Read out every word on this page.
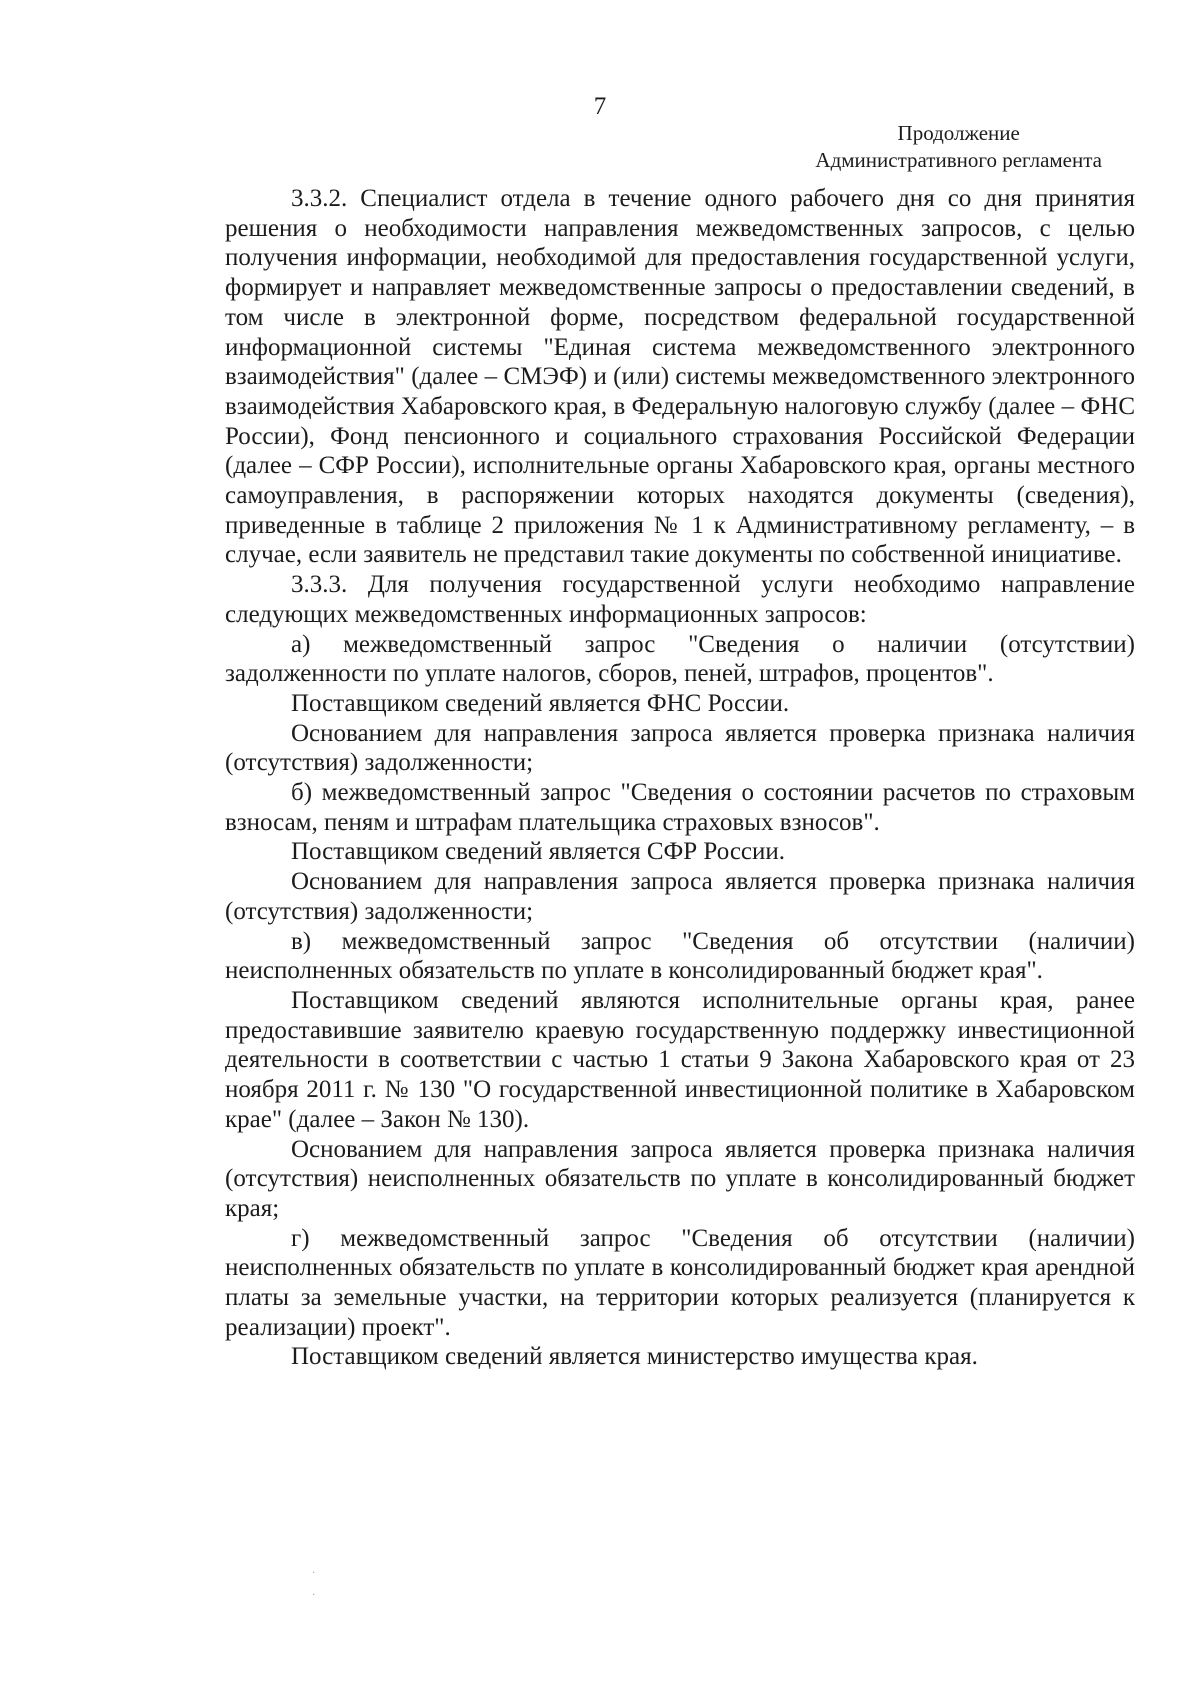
7
Продолжение
Административного регламента

3.3.2. Специалист отдела в течение одного рабочего дня со дня принятия решения о необходимости направления межведомственных запросов, с целью получения информации, необходимой для предоставления государственной услуги, формирует и направляет межведомственные запросы о предоставлении сведений, в том числе в электронной форме, посредством федеральной государственной информационной системы "Единая система межведомственного электронного взаимодействия" (далее – СМЭФ) и (или) системы межведомственного электронного взаимодействия Хабаровского края, в Федеральную налоговую службу (далее – ФНС России), Фонд пенсионного и социального страхования Российской Федерации (далее – СФР России), исполнительные органы Хабаровского края, органы местного самоуправления, в распоряжении которых находятся документы (сведения), приведенные в таблице 2 приложения № 1 к Административному регламенту, – в случае, если заявитель не представил такие документы по собственной инициативе.

3.3.3. Для получения государственной услуги необходимо направление следующих межведомственных информационных запросов:

а) межведомственный запрос "Сведения о наличии (отсутствии) задолженности по уплате налогов, сборов, пеней, штрафов, процентов".

Поставщиком сведений является ФНС России.

Основанием для направления запроса является проверка признака наличия (отсутствия) задолженности;

б) межведомственный запрос "Сведения о состоянии расчетов по страховым взносам, пеням и штрафам плательщика страховых взносов".

Поставщиком сведений является СФР России.

Основанием для направления запроса является проверка признака наличия (отсутствия) задолженности;

в) межведомственный запрос "Сведения об отсутствии (наличии) неисполненных обязательств по уплате в консолидированный бюджет края".

Поставщиком сведений являются исполнительные органы края, ранее предоставившие заявителю краевую государственную поддержку инвестиционной деятельности в соответствии с частью 1 статьи 9 Закона Хабаровского края от 23 ноября 2011 г. № 130 "О государственной инвестиционной политике в Хабаровском крае" (далее – Закон № 130).

Основанием для направления запроса является проверка признака наличия (отсутствия) неисполненных обязательств по уплате в консолидированный бюджет края;

г) межведомственный запрос "Сведения об отсутствии (наличии) неисполненных обязательств по уплате в консолидированный бюджет края арендной платы за земельные участки, на территории которых реализуется (планируется к реализации) проект".

Поставщиком сведений является министерство имущества края.

·

·
